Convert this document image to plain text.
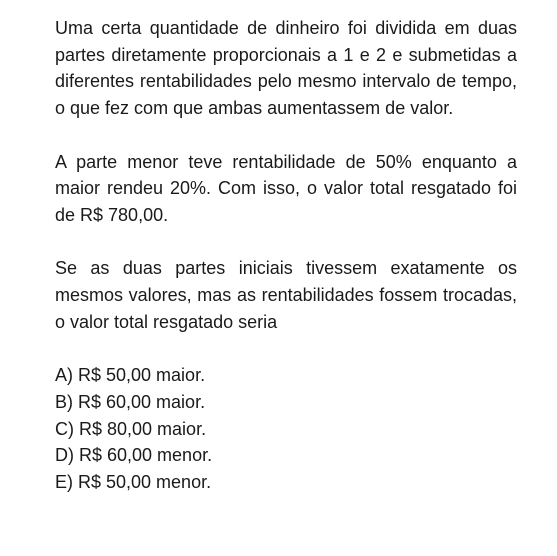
Uma certa quantidade de dinheiro foi dividida em duas partes diretamente proporcionais a 1 e 2 e submetidas a diferentes rentabilidades pelo mesmo intervalo de tempo, o que fez com que ambas aumentassem de valor.

A parte menor teve rentabilidade de 50% enquanto a maior rendeu 20%. Com isso, o valor total resgatado foi de R$ 780,00.

Se as duas partes iniciais tivessem exatamente os mesmos valores, mas as rentabilidades fossem trocadas, o valor total resgatado seria

A) R$ 50,00 maior.
B) R$ 60,00 maior.
C) R$ 80,00 maior.
D) R$ 60,00 menor.
E) R$ 50,00 menor.
